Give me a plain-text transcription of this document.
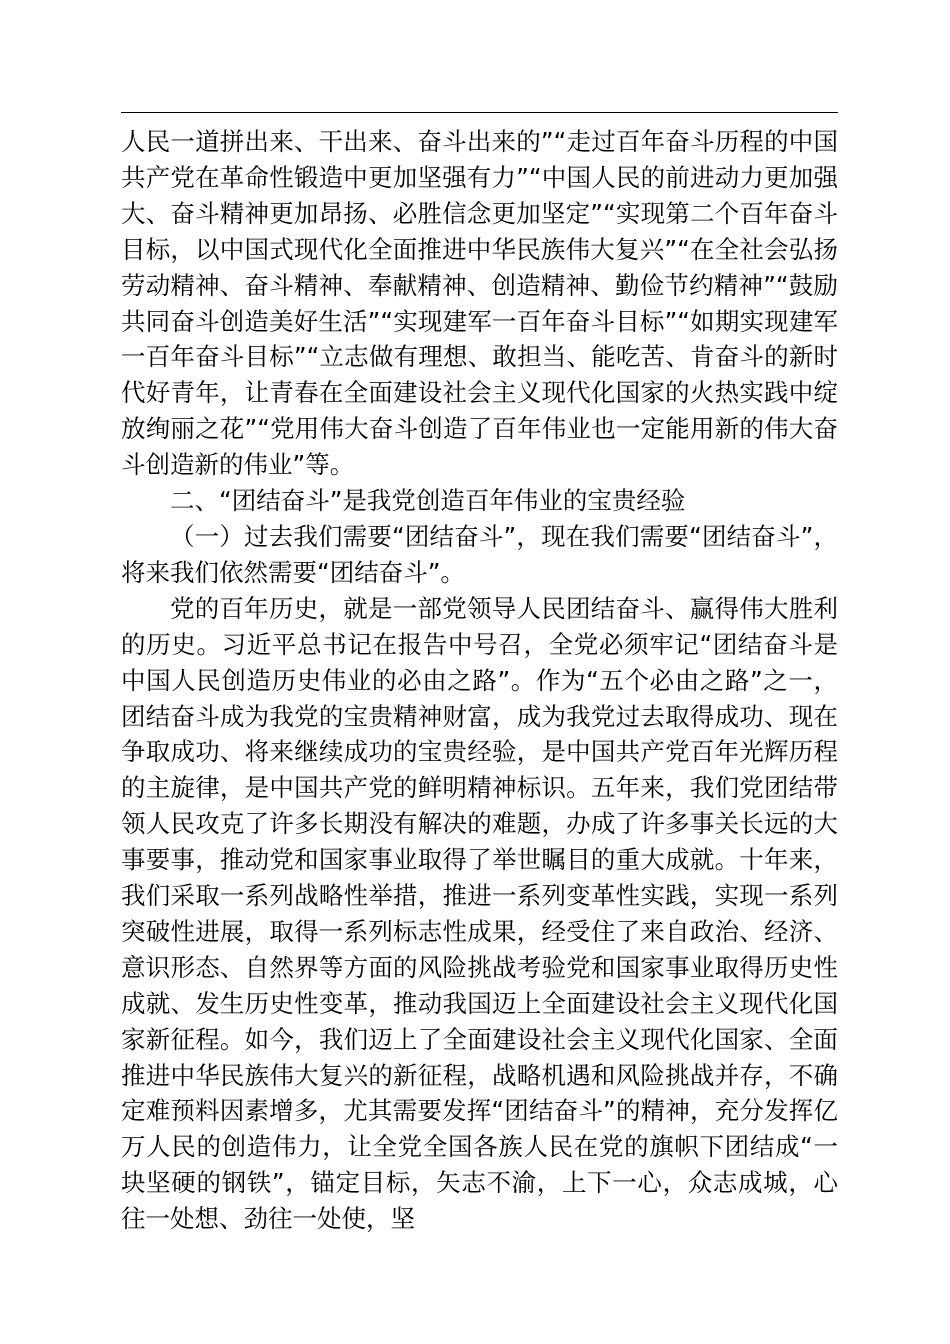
人民一道拼出来、干出来、奋斗出来的”“走过百年奋斗历程的中国共产党在革命性锻造中更加坚强有力”“中国人民的前进动力更加强大、奋斗精神更加昂扬、必胜信念更加坚定”“实现第二个百年奋斗目标，以中国式现代化全面推进中华民族伟大复兴”“在全社会弘扬劳动精神、奋斗精神、奉献精神、创造精神、勤俭节约精神”“鼓励共同奋斗创造美好生活”“实现建军一百年奋斗目标”“如期实现建军一百年奋斗目标”“立志做有理想、敢担当、能吃苦、肯奋斗的新时代好青年，让青春在全面建设社会主义现代化国家的火热实践中绽放绚丽之花”“党用伟大奋斗创造了百年伟业也一定能用新的伟大奋斗创造新的伟业”等。

二、“团结奋斗”是我党创造百年伟业的宝贵经验

（一）过去我们需要“团结奋斗”，现在我们需要“团结奋斗”，将来我们依然需要“团结奋斗”。

党的百年历史，就是一部党领导人民团结奋斗、赢得伟大胜利的历史。习近平总书记在报告中号召，全党必须牢记“团结奋斗是中国人民创造历史伟业的必由之路”。作为“五个必由之路”之一，团结奋斗成为我党的宝贵精神财富，成为我党过去取得成功、现在争取成功、将来继续成功的宝贵经验，是中国共产党百年光辉历程的主旋律，是中国共产党的鲜明精神标识。五年来，我们党团结带领人民攻克了许多长期没有解决的难题，办成了许多事关长远的大事要事，推动党和国家事业取得了举世瞩目的重大成就。十年来，我们采取一系列战略性举措，推进一系列变革性实践，实现一系列突破性进展，取得一系列标志性成果，经受住了来自政治、经济、意识形态、自然界等方面的风险挑战考验党和国家事业取得历史性成就、发生历史性变革，推动我国迈上全面建设社会主义现代化国家新征程。如今，我们迈上了全面建设社会主义现代化国家、全面推进中华民族伟大复兴的新征程，战略机遇和风险挑战并存，不确定难预料因素增多，尤其需要发挥“团结奋斗”的精神，充分发挥亿万人民的创造伟力，让全党全国各族人民在党的旗帜下团结成“一块坚硬的钢铁”，锚定目标，矢志不渝，上下一心，众志成城，心往一处想、劲往一处使，坚
